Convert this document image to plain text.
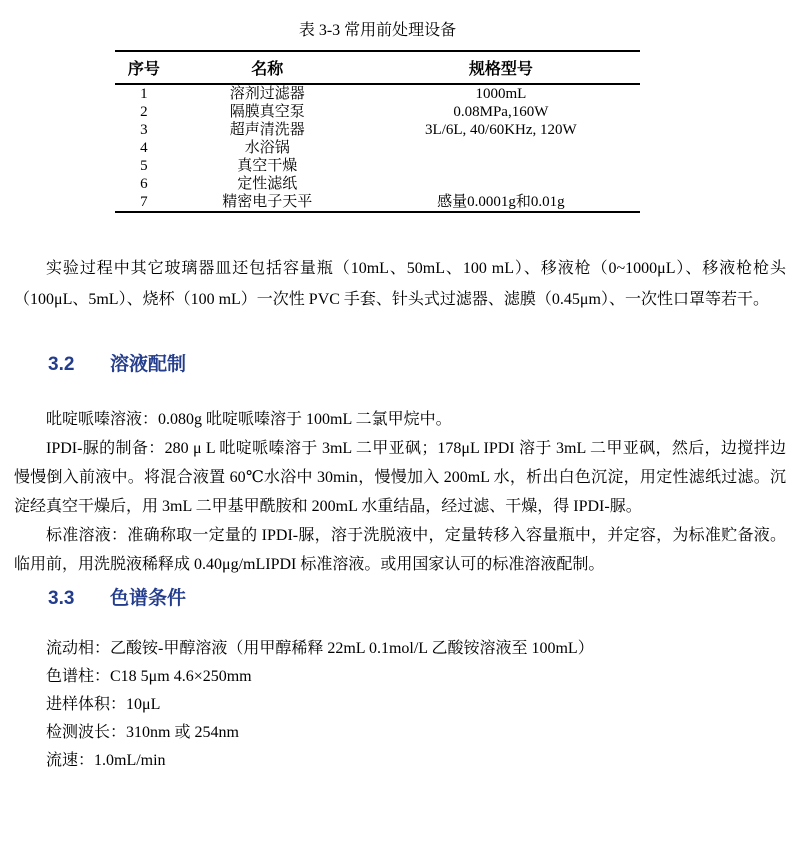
表 3-3 常用前处理设备
序号	名称	规格型号
1	溶剂过滤器	1000mL
2	隔膜真空泵	0.08MPa,160W
3	超声清洗器	3L/6L, 40/60KHz, 120W
4	水浴锅	
5	真空干燥	
6	定性滤纸	
7	精密电子天平	感量0.0001g和0.01g

实验过程中其它玻璃器皿还包括容量瓶（10mL、50mL、100 mL）、移液枪（0~1000μL）、移液枪枪头（100μL、5mL）、烧杯（100 mL）一次性 PVC 手套、针头式过滤器、滤膜（0.45μm）、一次性口罩等若干。

3.2 溶液配制

吡啶哌嗪溶液：0.080g 吡啶哌嗪溶于 100mL 二氯甲烷中。

IPDI-脲的制备：280 μ L 吡啶哌嗪溶于 3mL 二甲亚砜；178μL IPDI 溶于 3mL 二甲亚砜，然后，边搅拌边慢慢倒入前液中。将混合液置 60℃水浴中 30min，慢慢加入 200mL 水，析出白色沉淀，用定性滤纸过滤。沉淀经真空干燥后，用 3mL 二甲基甲酰胺和 200mL 水重结晶，经过滤、干燥，得 IPDI-脲。

标准溶液：准确称取一定量的 IPDI-脲，溶于洗脱液中，定量转移入容量瓶中，并定容，为标准贮备液。临用前，用洗脱液稀释成 0.40μg/mLIPDI 标准溶液。或用国家认可的标准溶液配制。

3.3 色谱条件

流动相：乙酸铵-甲醇溶液（用甲醇稀释 22mL 0.1mol/L 乙酸铵溶液至 100mL）

色谱柱：C18 5μm 4.6×250mm

进样体积：10μL

检测波长：310nm 或 254nm

流速：1.0mL/min
